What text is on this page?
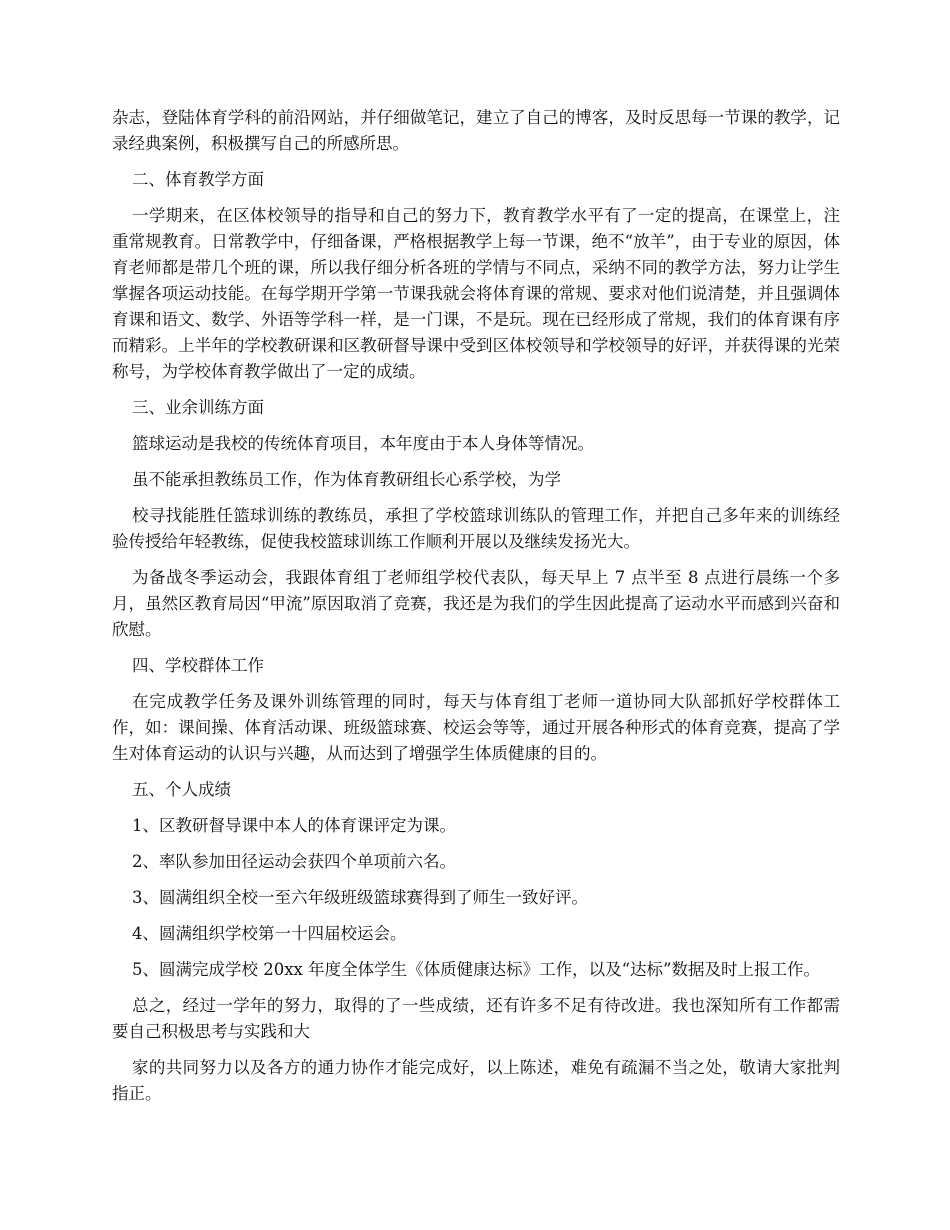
杂志，登陆体育学科的前沿网站，并仔细做笔记，建立了自己的博客，及时反思每一节课的教学，记录经典案例，积极撰写自己的所感所思。

二、体育教学方面

一学期来，在区体校领导的指导和自己的努力下，教育教学水平有了一定的提高，在课堂上，注重常规教育。日常教学中，仔细备课，严格根据教学上每一节课，绝不“放羊”，由于专业的原因，体育老师都是带几个班的课，所以我仔细分析各班的学情与不同点，采纳不同的教学方法，努力让学生掌握各项运动技能。在每学期开学第一节课我就会将体育课的常规、要求对他们说清楚，并且强调体育课和语文、数学、外语等学科一样，是一门课，不是玩。现在已经形成了常规，我们的体育课有序而精彩。上半年的学校教研课和区教研督导课中受到区体校领导和学校领导的好评，并获得课的光荣称号，为学校体育教学做出了一定的成绩。

三、业余训练方面

篮球运动是我校的传统体育项目，本年度由于本人身体等情况。

虽不能承担教练员工作，作为体育教研组长心系学校，为学

校寻找能胜任篮球训练的教练员，承担了学校篮球训练队的管理工作，并把自己多年来的训练经验传授给年轻教练，促使我校篮球训练工作顺利开展以及继续发扬光大。

为备战冬季运动会，我跟体育组丁老师组学校代表队，每天早上 7 点半至 8 点进行晨练一个多月，虽然区教育局因“甲流”原因取消了竞赛，我还是为我们的学生因此提高了运动水平而感到兴奋和欣慰。

四、学校群体工作

在完成教学任务及课外训练管理的同时，每天与体育组丁老师一道协同大队部抓好学校群体工作，如：课间操、体育活动课、班级篮球赛、校运会等等，通过开展各种形式的体育竞赛，提高了学生对体育运动的认识与兴趣，从而达到了增强学生体质健康的目的。

五、个人成绩

1、区教研督导课中本人的体育课评定为课。

2、率队参加田径运动会获四个单项前六名。

3、圆满组织全校一至六年级班级篮球赛得到了师生一致好评。

4、圆满组织学校第一十四届校运会。

5、圆满完成学校 20xx 年度全体学生《体质健康达标》工作，以及“达标”数据及时上报工作。

总之，经过一学年的努力，取得的了一些成绩，还有许多不足有待改进。我也深知所有工作都需要自己积极思考与实践和大

家的共同努力以及各方的通力协作才能完成好，以上陈述，难免有疏漏不当之处，敬请大家批判指正。
